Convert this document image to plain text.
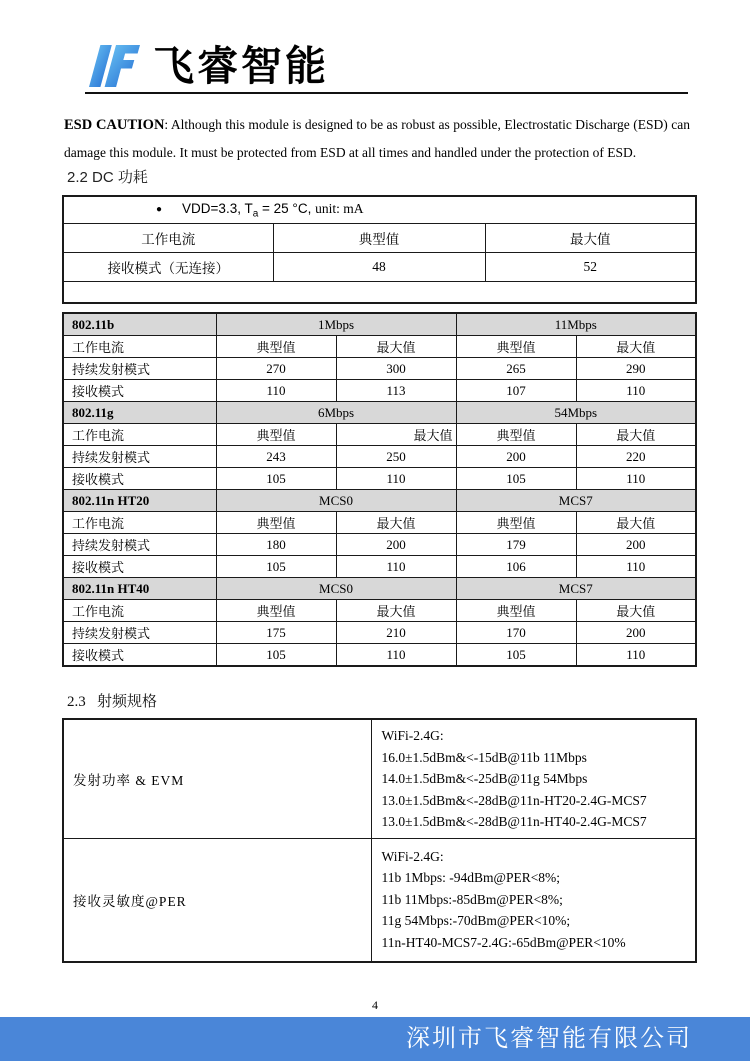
飞睿智能

ESD CAUTION: Although this module is designed to be as robust as possible, Electrostatic Discharge (ESD) can damage this module. It must be protected from ESD at all times and handled under the protection of ESD.

2.2 DC 功耗
● VDD=3.3, $T_a = 25$ °C, unit: mA		
工作电流	典型值	最大值
接收模式（无连接）	48	52

802.11b	1Mbps		11Mbps	
工作电流	典型值	最大值	典型值	最大值
持续发射模式	270	300	265	290
接收模式	110	113	107	110
802.11g	6Mbps		54Mbps	
工作电流	典型值	最大值	典型值	最大值
持续发射模式	243	250	200	220
接收模式	105	110	105	110
802.11n HT20	MCS0		MCS7	
工作电流	典型值	最大值	典型值	最大值
持续发射模式	180	200	179	200
接收模式	105	110	106	110
802.11n HT40	MCS0		MCS7	
工作电流	典型值	最大值	典型值	最大值
持续发射模式	175	210	170	200
接收模式	105	110	105	110
2.3   射频规格
发射功率 & EVM	WiFi-2.4G:
16.0±1.5dBm&<-15dB@11b 11Mbps
14.0±1.5dBm&<-25dB@11g 54Mbps
13.0±1.5dBm&<-28dB@11n-HT20-2.4G-MCS7
13.0±1.5dBm&<-28dB@11n-HT40-2.4G-MCS7

接收灵敏度@PER	WiFi-2.4G:
11b 1Mbps: -94dBm@PER<8%;
11b 11Mbps:-85dBm@PER<8%;
11g 54Mbps:-70dBm@PER<10%;
11n-HT40-MCS7-2.4G:-65dBm@PER<10%
4
深圳市飞睿智能有限公司
